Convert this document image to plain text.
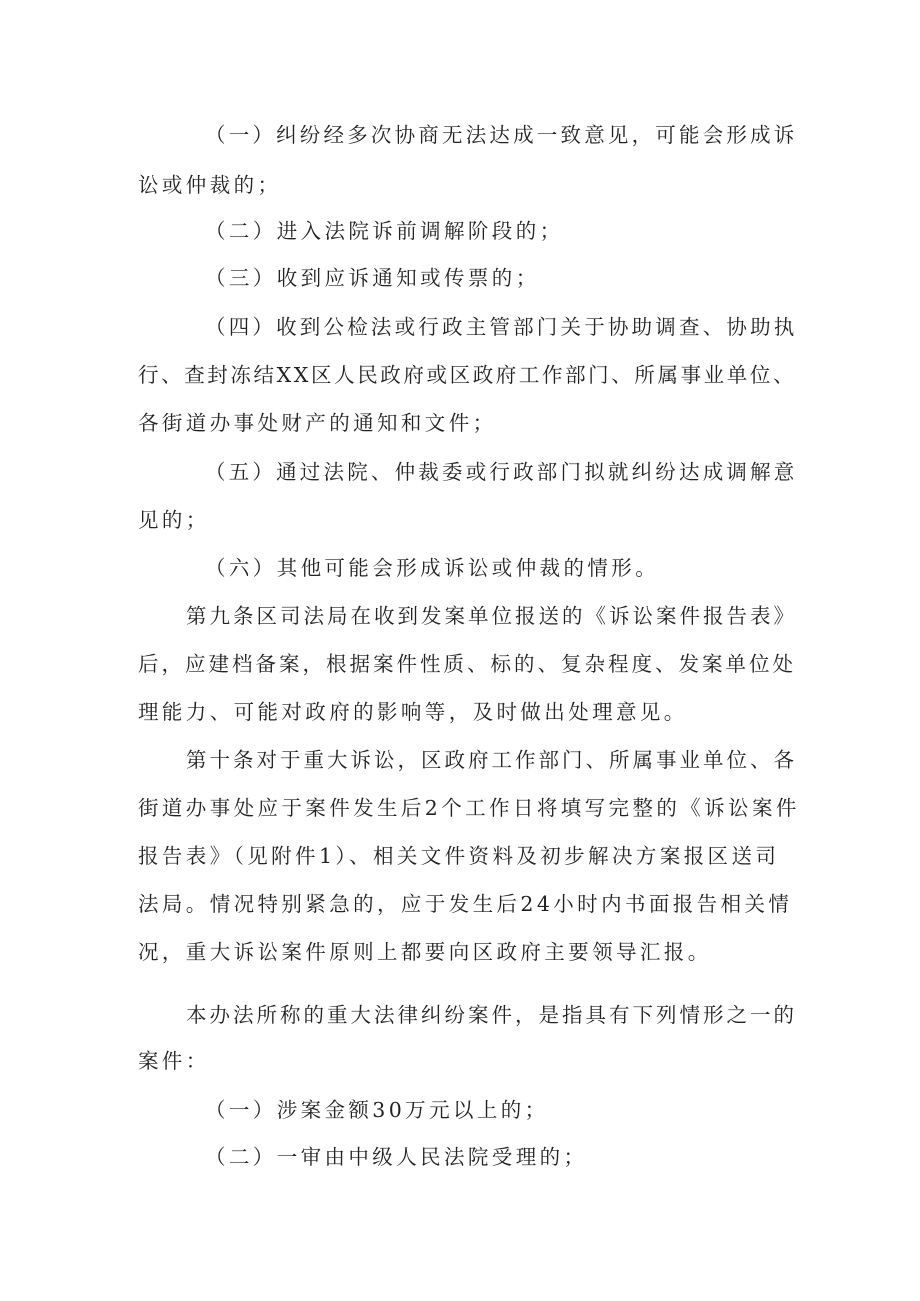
（一）纠纷经多次协商无法达成一致意见，可能会形成诉
讼或仲裁的；
（二）进入法院诉前调解阶段的；
（三）收到应诉通知或传票的；
（四）收到公检法或行政主管部门关于协助调查、协助执
行、查封冻结XX区人民政府或区政府工作部门、所属事业单位、
各街道办事处财产的通知和文件；
（五）通过法院、仲裁委或行政部门拟就纠纷达成调解意
见的；
（六）其他可能会形成诉讼或仲裁的情形。
第九条区司法局在收到发案单位报送的《诉讼案件报告表》
后，应建档备案，根据案件性质、标的、复杂程度、发案单位处
理能力、可能对政府的影响等，及时做出处理意见。
第十条对于重大诉讼，区政府工作部门、所属事业单位、各
街道办事处应于案件发生后2个工作日将填写完整的《诉讼案件
报告表》（见附件1）、相关文件资料及初步解决方案报区送司
法局。情况特别紧急的，应于发生后24小时内书面报告相关情
况，重大诉讼案件原则上都要向区政府主要领导汇报。
本办法所称的重大法律纠纷案件，是指具有下列情形之一的
案件：
（一）涉案金额30万元以上的；
（二）一审由中级人民法院受理的；
